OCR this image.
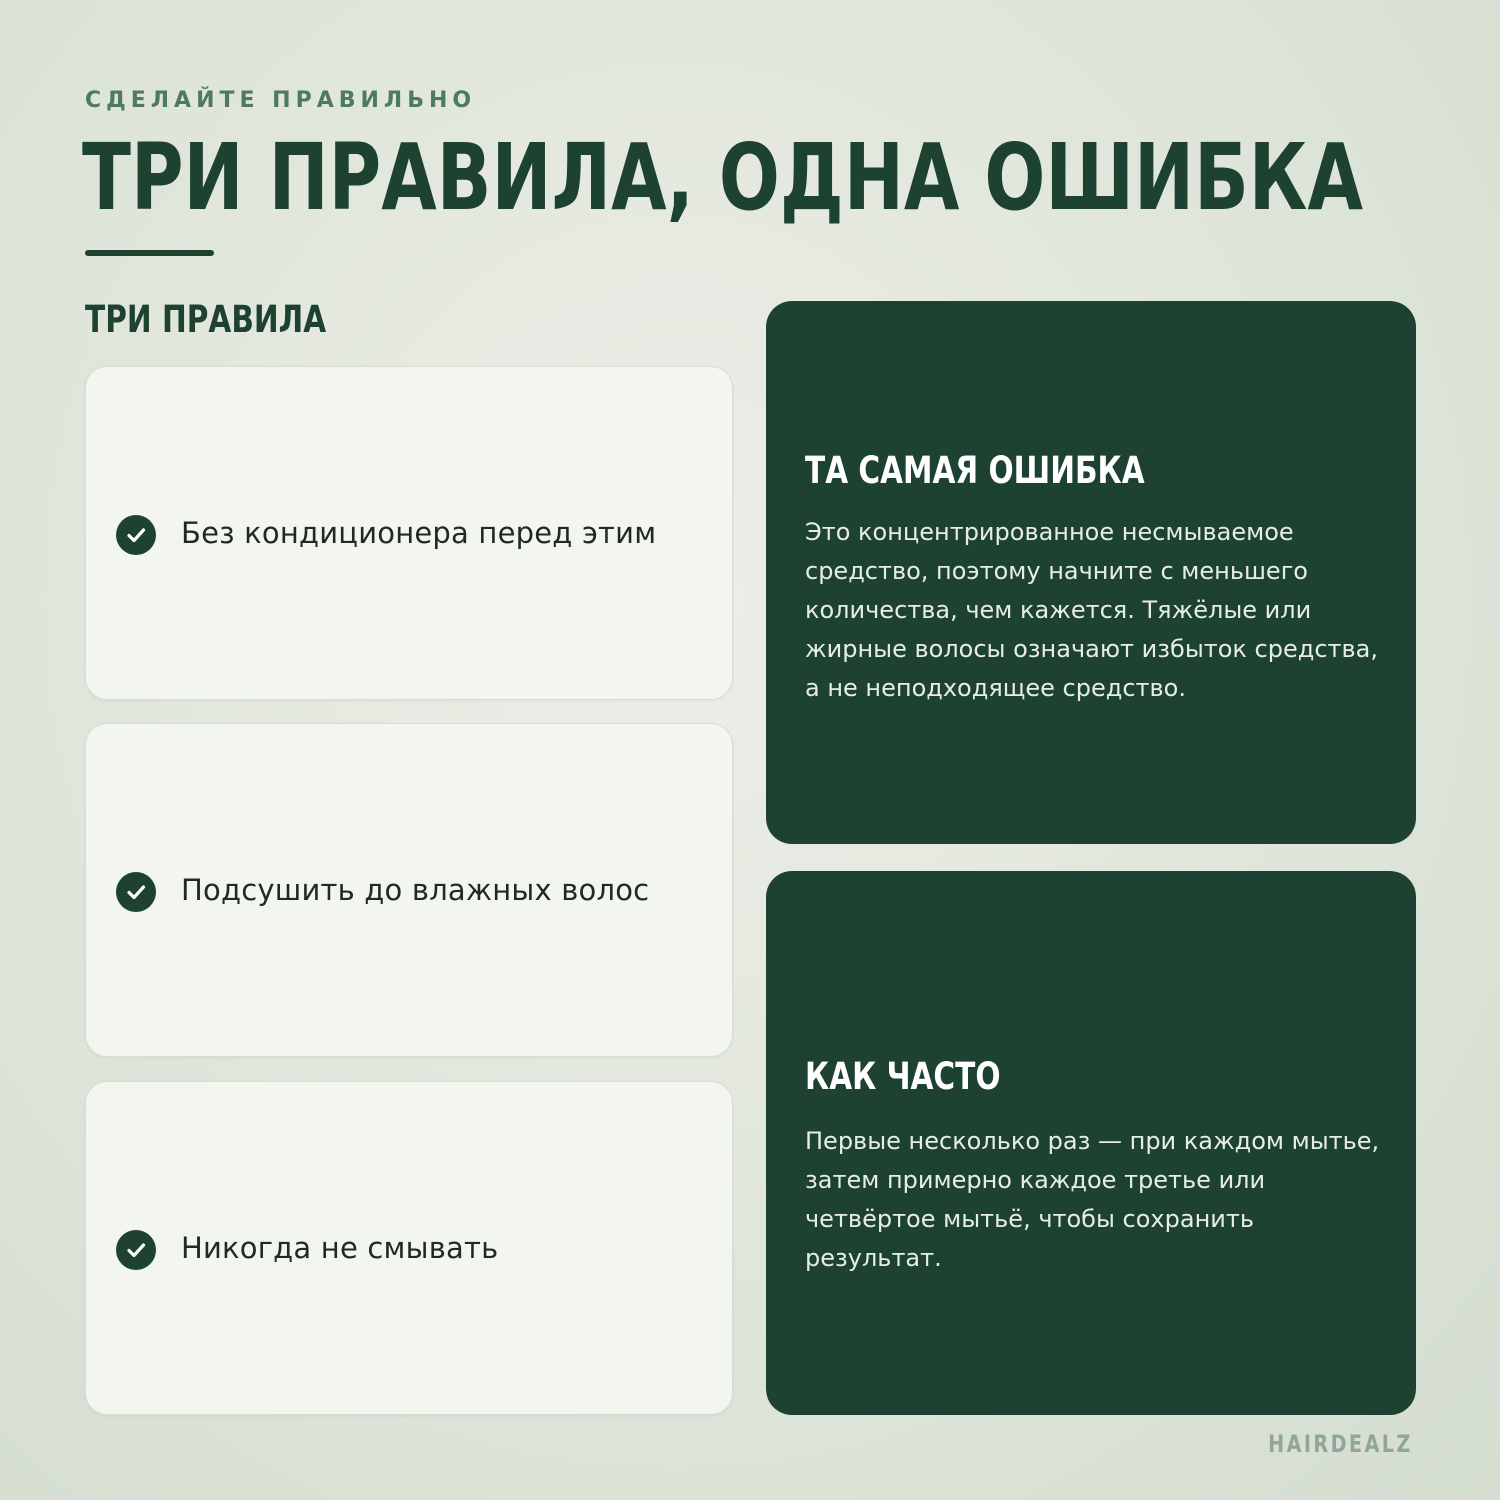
СДЕЛАЙТЕ ПРАВИЛЬНО
ТРИ ПРАВИЛА, ОДНА ОШИБКА
ТРИ ПРАВИЛА
Без кондиционера перед этим
Подсушить до влажных волос
Никогда не смывать
ТА САМАЯ ОШИБКА

Это концентрированное несмываемое средство, поэтому начните с меньшего количества, чем кажется. Тяжёлые или жирные волосы означают избыток средства, а не неподходящее средство.

КАК ЧАСТО

Первые несколько раз — при каждом мытье, затем примерно каждое третье или четвёртое мытьё, чтобы сохранить результат.

HAIRDEALZ
